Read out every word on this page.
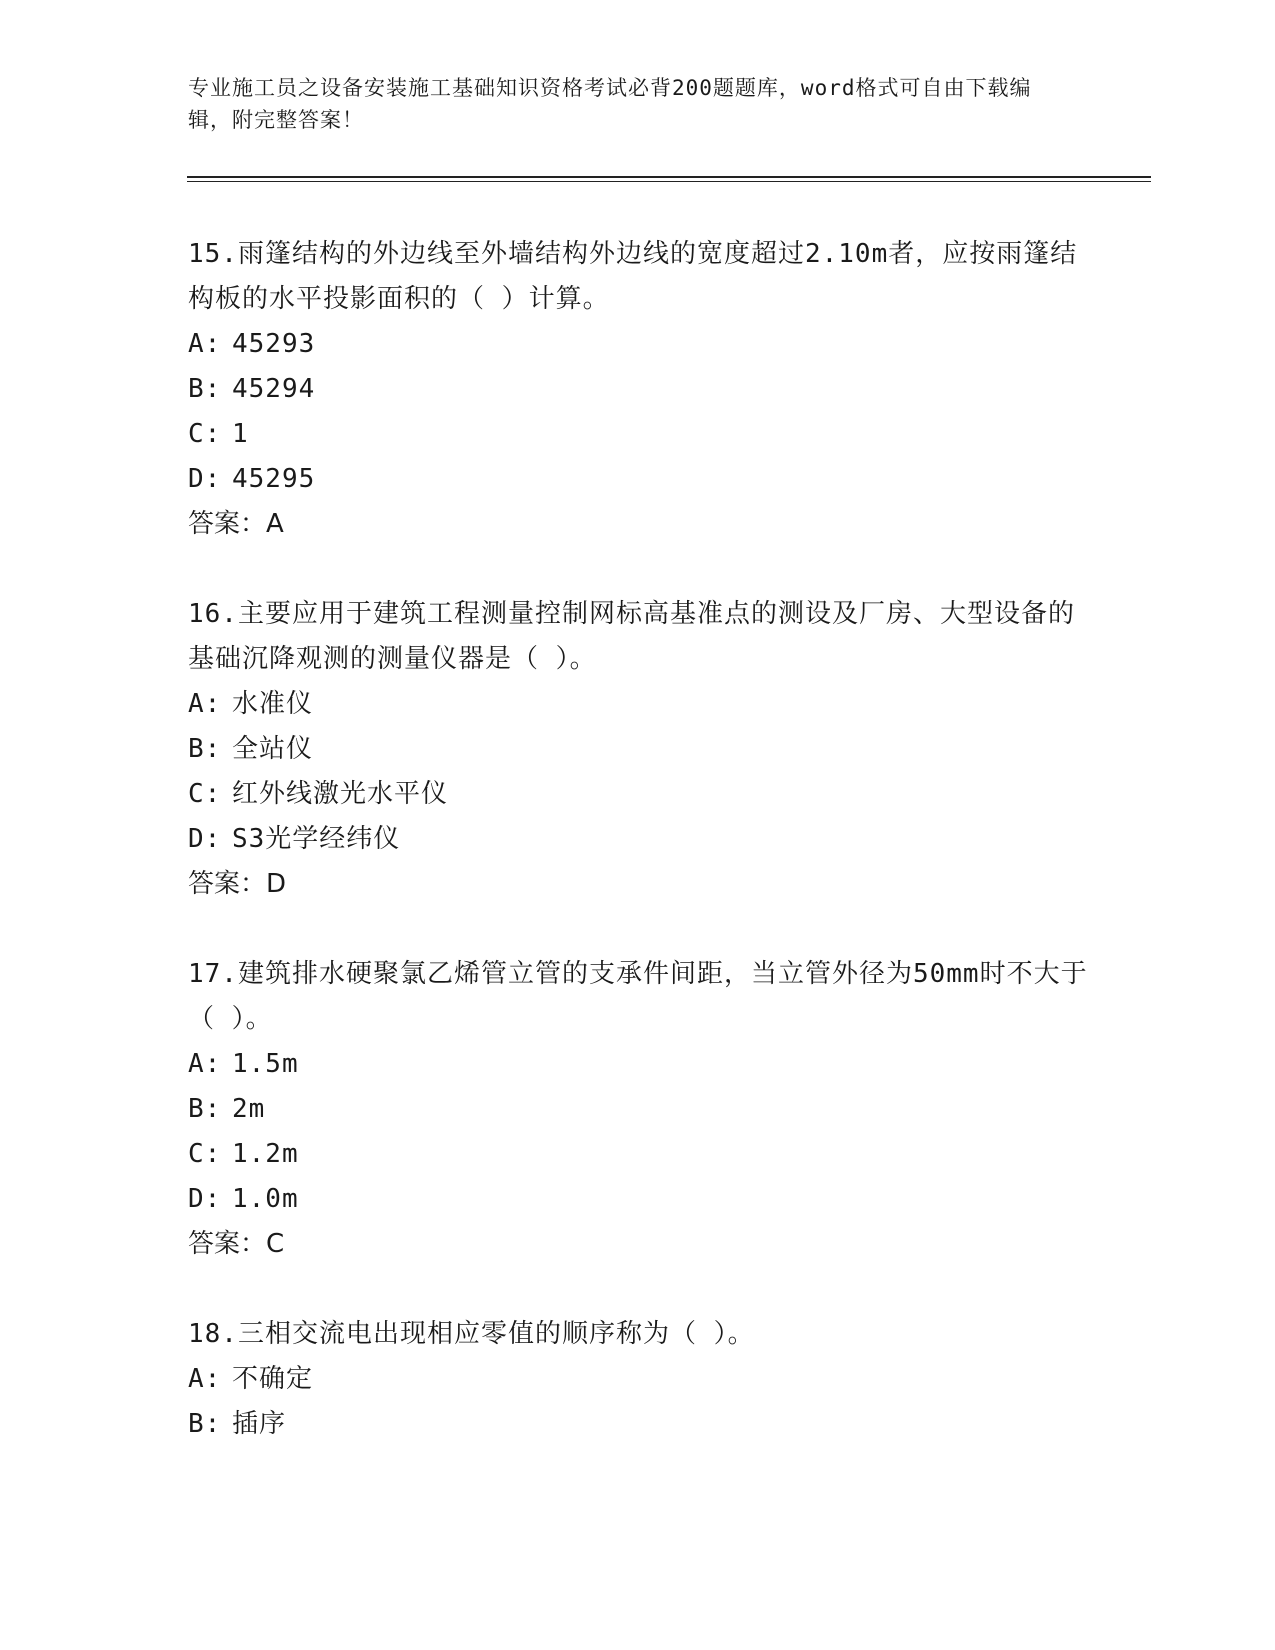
专业施工员之设备安装施工基础知识资格考试必背200题题库，word格式可自由下载编辑，附完整答案！

15.雨篷结构的外边线至外墙结构外边线的宽度超过2.10m者，应按雨篷结构板的水平投影面积的（ ）计算。

A: 45293

B: 45294

C: 1

D: 45295

答案：A

16.主要应用于建筑工程测量控制网标高基准点的测设及厂房、大型设备的基础沉降观测的测量仪器是（ ）。

A: 水准仪

B: 全站仪

C: 红外线激光水平仪

D: S3光学经纬仪

答案：D

17.建筑排水硬聚氯乙烯管立管的支承件间距，当立管外径为50mm时不大于（ ）。

A: 1.5m

B: 2m

C: 1.2m

D: 1.0m

答案：C

18.三相交流电出现相应零值的顺序称为（ ）。

A: 不确定

B: 插序
